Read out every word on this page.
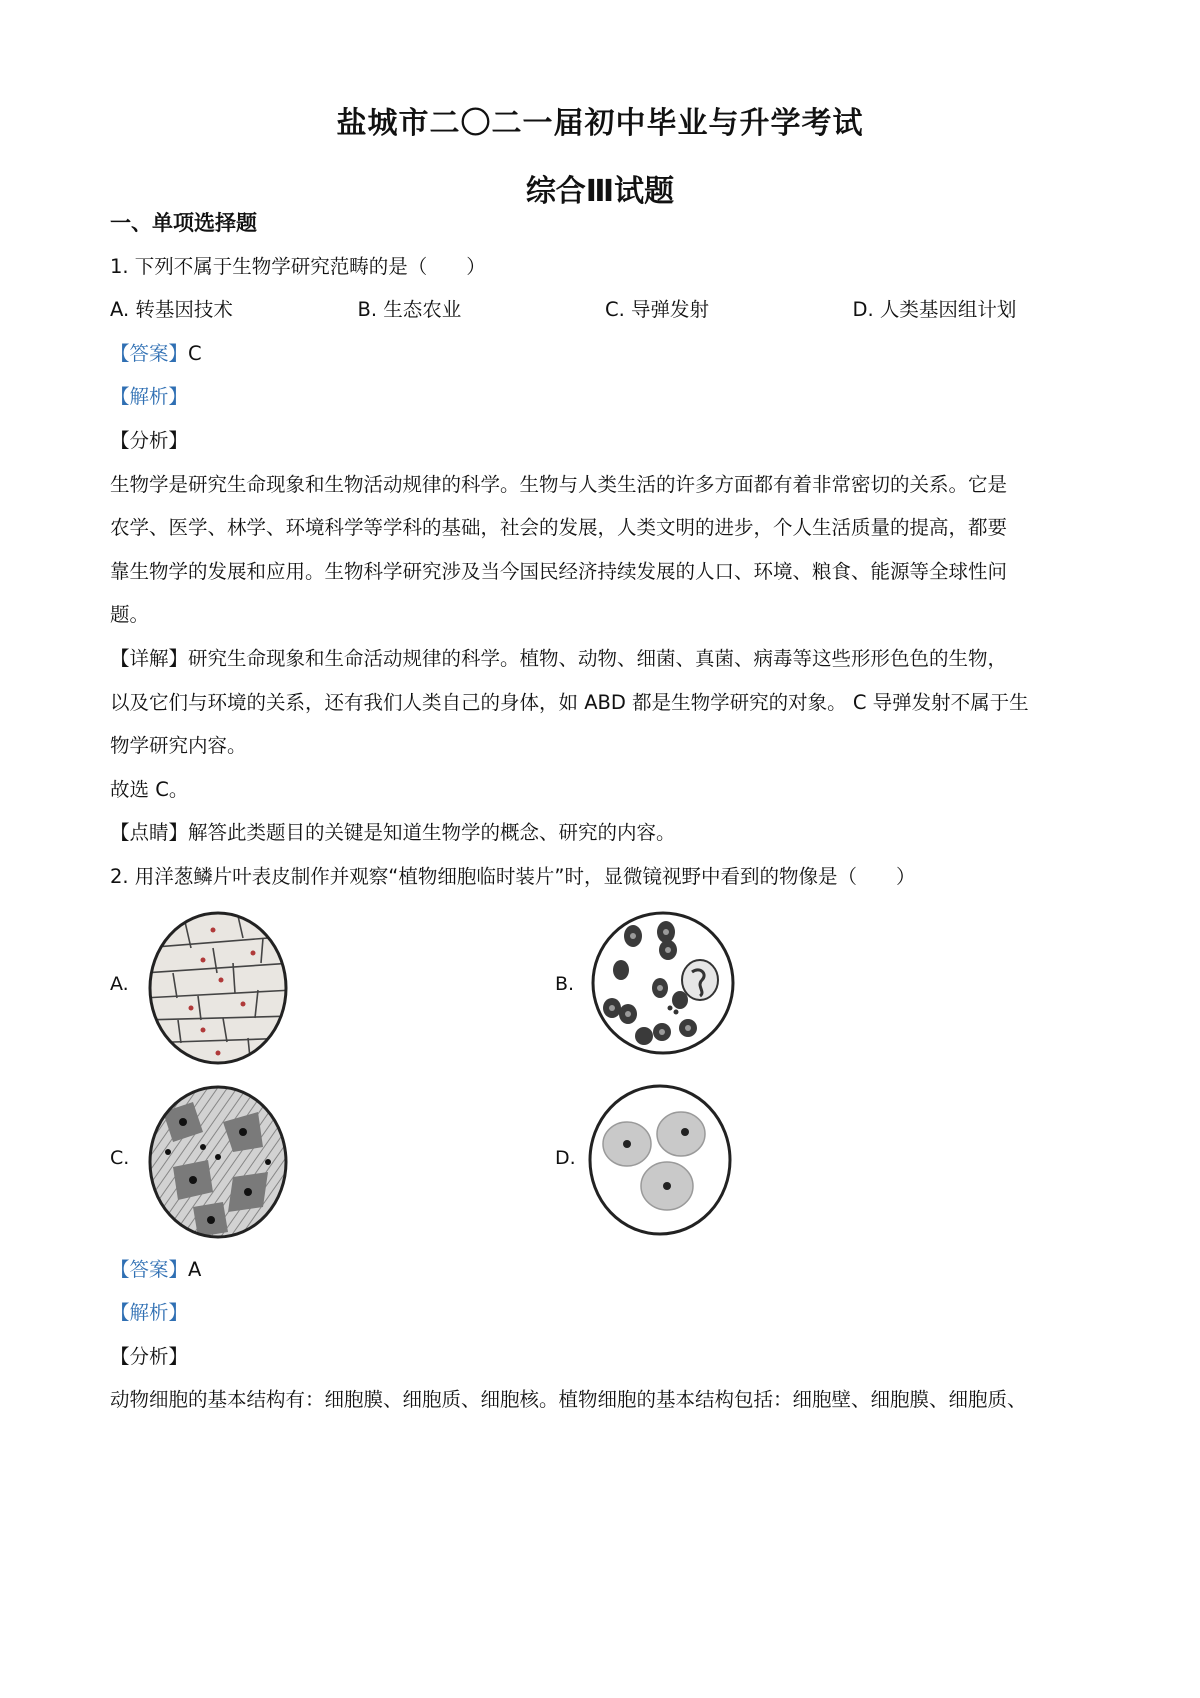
盐城市二〇二一届初中毕业与升学考试
综合Ⅲ试题
一、单项选择题
1. 下列不属于生物学研究范畴的是（　　）
A. 转基因技术	B. 生态农业	C. 导弹发射	D. 人类基因组计划
【答案】C
【解析】
【分析】
生物学是研究生命现象和生物活动规律的科学。生物与人类生活的许多方面都有着非常密切的关系。它是
农学、医学、林学、环境科学等学科的基础，社会的发展，人类文明的进步，个人生活质量的提高，都要
靠生物学的发展和应用。生物科学研究涉及当今国民经济持续发展的人口、环境、粮食、能源等全球性问
题。
【详解】研究生命现象和生命活动规律的科学。植物、动物、细菌、真菌、病毒等这些形形色色的生物，
以及它们与环境的关系，还有我们人类自己的身体，如 ABD 都是生物学研究的对象。 C 导弹发射不属于生
物学研究内容。
故选 C。
【点睛】解答此类题目的关键是知道生物学的概念、研究的内容。
2. 用洋葱鳞片叶表皮制作并观察“植物细胞临时装片”时，显微镜视野中看到的物像是（　　）
A.	B.
C.	D.
【答案】A
【解析】
【分析】
动物细胞的基本结构有：细胞膜、细胞质、细胞核。植物细胞的基本结构包括：细胞壁、细胞膜、细胞质、
